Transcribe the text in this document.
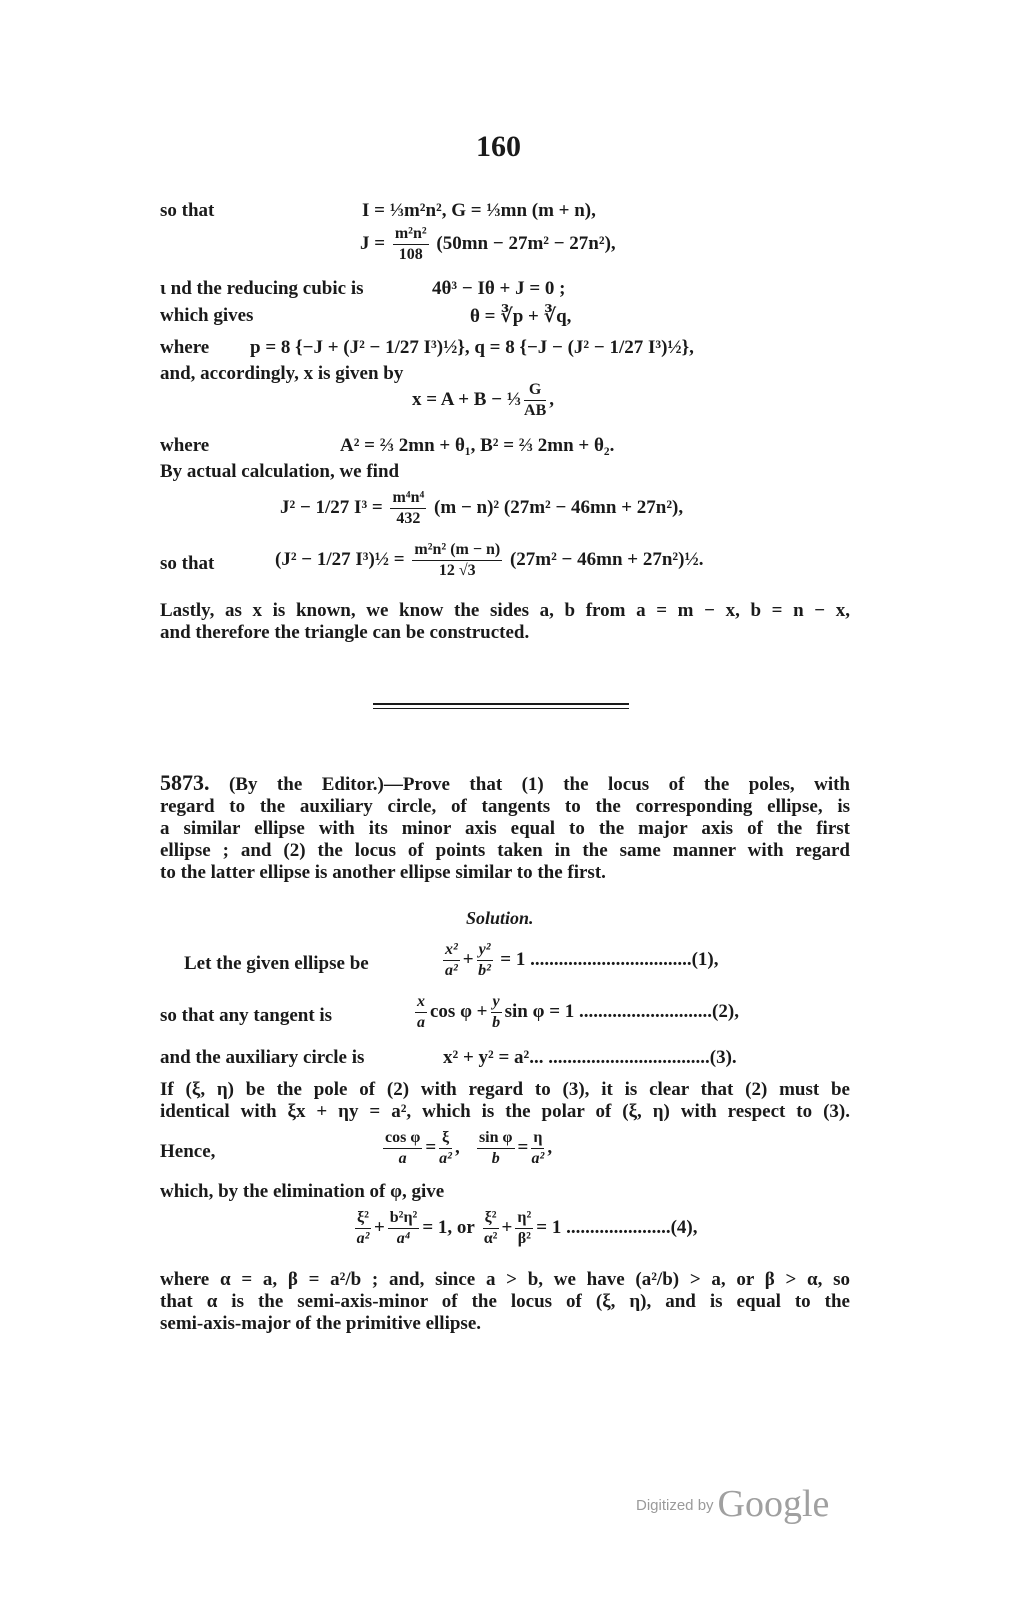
160
so that	I = ⅓m²n², G = ⅓mn (m + n),
$J = \frac{\text{m²n²}}{108} (50mn - 27m^2 - 27n^2)$,
ɩ nd the reducing cubic is	4θ³ − Iθ + J = 0 ;
which gives	θ = ∛p + ∛q,
where p = 8 {−J + (J² − 1/27 I³)½}, q = 8 {−J − (J² − 1/27 I³)½},
and, accordingly, x is given by
x = A + B − ⅓ $\frac{G}{AB}$ ,
where	A² = ⅔ 2mn + θ₁, B² = ⅔ 2mn + θ₂.
By actual calculation, we find
J² − 1/27 $I^3 = \frac{\text{m⁴n⁴}}{432} (m - n)^2$ (27m² − 46mn + 27n²),
so that	(J² − 1/27 I³)½ = $\frac{\text{m²n² (m − n)}}{12 √3} (27m^2 - 46mn$ + 27n²)½.
Lastly, as x is known, we know the sides a, b from a = m − x, b = n − x,
and therefore the triangle can be constructed.
5873. (By the Editor.)—Prove that (1) the locus of the poles, with
regard to the auxiliary circle, of tangents to the corresponding ellipse, is
a similar ellipse with its minor axis equal to the major axis of the first
ellipse ; and (2) the locus of points taken in the same manner with regard
to the latter ellipse is another ellipse similar to the first.
Solution.
Let the given ellipse be	$\frac{\text{x²}}{\text{a²}} + \frac{\text{y²}}{\text{b²}} = 1$ ..................................(1),
so that any tangent is	$\frac{x}{a}$ $\cos \varphi + \frac{y}{b}$ sin φ = 1 ............................(2),
and the auxiliary circle is	x² + y² = a²... ..................................(3).
If (ξ, η) be the pole of (2) with regard to (3), it is clear that (2) must be
identical with ξx + ηy = a², which is the polar of (ξ, η) with respect to (3).
Hence,	$\frac{\text{cos φ}}{a} = \frac{\xi}{\text{a²}}$ , $\frac{\text{sin φ}}{b} = \frac{\eta}{\text{a²}}$ ,
which, by the elimination of φ, give
$\frac{\text{ξ²}}{\text{a²}} + \frac{\text{b²η²}}{\text{a⁴}} = 1$, or $\frac{\text{ξ²}}{\text{α²}} + \frac{\text{η²}}{\text{β²}} = 1$ ......................(4),
where α = a, β = a²/b ; and, since a > b, we have (a²/b) > a, or β > α, so
that α is the semi-axis-minor of the locus of (ξ, η), and is equal to the
semi-axis-major of the primitive ellipse.
Digitized by Google
